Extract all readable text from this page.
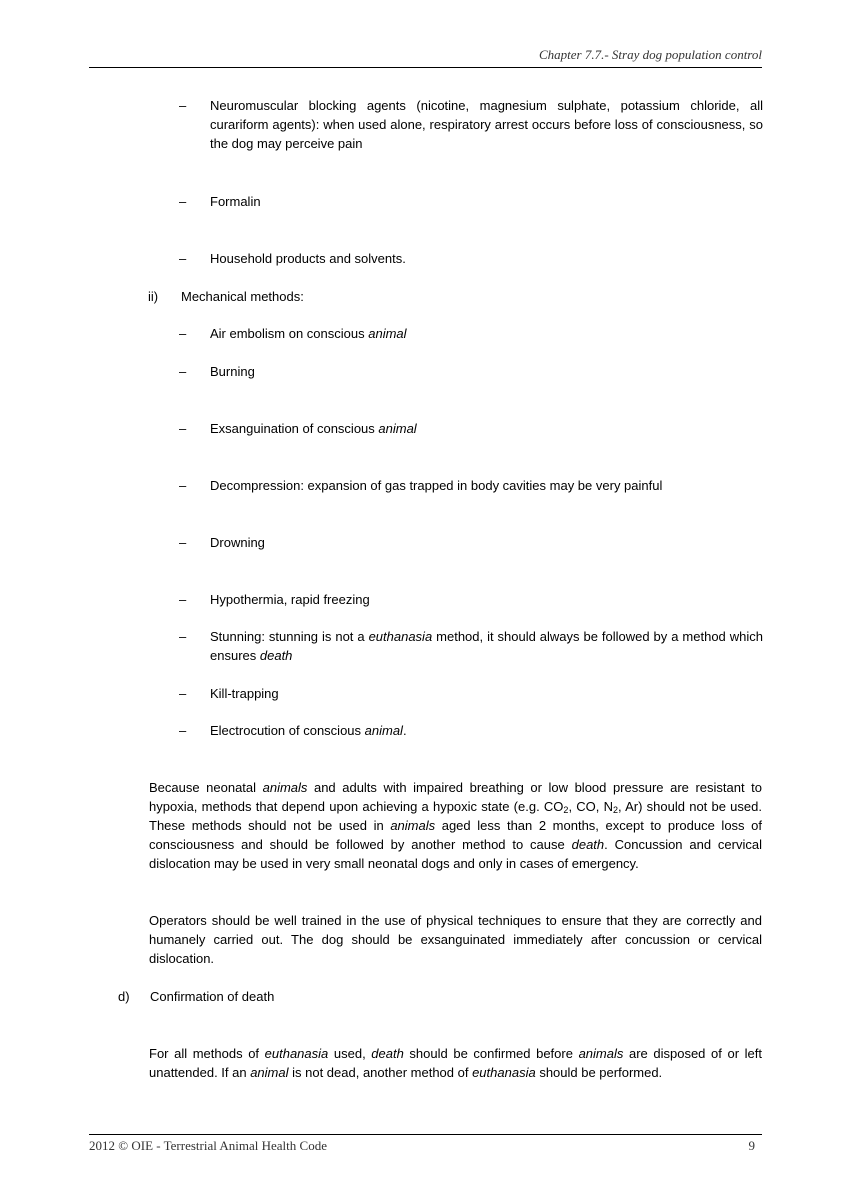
Chapter 7.7.- Stray dog population control
–	Neuromuscular blocking agents (nicotine, magnesium sulphate, potassium chloride, all curariform agents): when used alone, respiratory arrest occurs before loss of consciousness, so the dog may perceive pain
–	Formalin
–	Household products and solvents.
ii) Mechanical methods:
–	Air embolism on conscious animal
–	Burning
–	Exsanguination of conscious animal
–	Decompression: expansion of gas trapped in body cavities may be very painful
–	Drowning
–	Hypothermia, rapid freezing
–	Stunning: stunning is not a euthanasia method, it should always be followed by a method which ensures death
–	Kill-trapping
–	Electrocution of conscious animal.
Because neonatal animals and adults with impaired breathing or low blood pressure are resistant to hypoxia, methods that depend upon achieving a hypoxic state (e.g. $CO_2$, CO, $N_2$, Ar) should not be used. These methods should not be used in animals aged less than 2 months, except to produce loss of consciousness and should be followed by another method to cause death. Concussion and cervical dislocation may be used in very small neonatal dogs and only in cases of emergency.
Operators should be well trained in the use of physical techniques to ensure that they are correctly and humanely carried out. The dog should be exsanguinated immediately after concussion or cervical dislocation.
d) Confirmation of death
For all methods of euthanasia used, death should be confirmed before animals are disposed of or left unattended. If an animal is not dead, another method of euthanasia should be performed.
2012 © OIE - Terrestrial Animal Health Code	9
